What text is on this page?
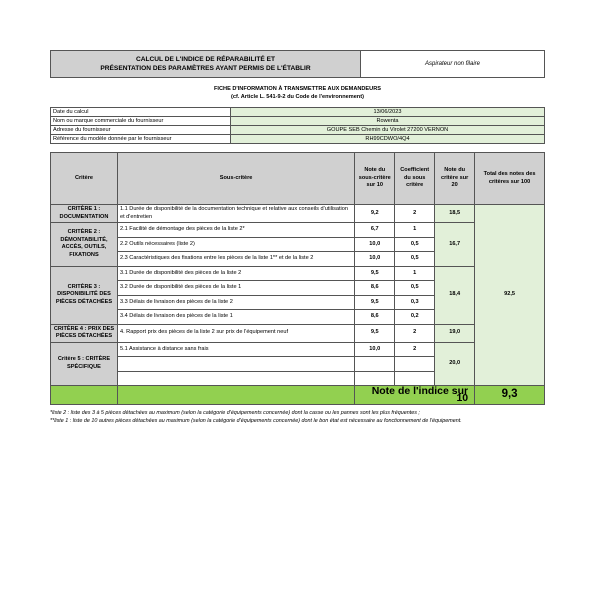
CALCUL DE L'INDICE DE RÉPARABILITÉ ET
PRÉSENTATION DES PARAMÈTRES AYANT PERMIS DE L'ÉTABLIR	Aspirateur non filaire
FICHE D'INFORMATION À TRANSMETTRE AUX DEMANDEURS
(cf. Article L. 541-9-2 du Code de l'environnement)
Date du calcul	13/06/2023
Nom ou marque commerciale du fournisseur	Rowenta
Adresse du fournisseur	GOUPE SEB Chemin du Virolet 27200 VERNON
Référence du modèle donnée par le fournisseur	RH99CDWO/4Q4
Critère	Sous-critère	Note du sous-critère sur 10	Coefficient du sous critère	Note du critère sur 20	Total des notes des critères sur 100
CRITÈRE 1 : DOCUMENTATION	1.1 Durée de disponibilité de la documentation technique et relative aux conseils d'utilisation et d'entretien	9,2	2	18,5	92,5
CRITÈRE 2 : DÉMONTABILITÉ, ACCÈS, OUTILS, FIXATIONS	2.1 Facilité de démontage des pièces de la liste 2*	6,7	1	16,7	
	2.2 Outils nécessaires (liste 2)	10,0	0,5		
	2.3 Caractéristiques des fixations entre les pièces de la liste 1** et de la liste 2	10,0	0,5		
CRITÈRE 3 : DISPONIBILITÉ DES PIÈCES DÉTACHÉES	3.1 Durée de disponibilité des pièces de la liste 2	9,5	1	18,4	
	3.2 Durée de disponibilité des pièces de la liste 1	8,6	0,5		
	3.3 Délais de livraison des pièces de la liste 2	9,5	0,3		
	3.4 Délais de livraison des pièces de la liste 1	8,6	0,2		
CRITÈRE 4 : PRIX DES PIÈCES DÉTACHÉES	4. Rapport prix des pièces de la liste 2 sur prix de l'équipement neuf	9,5	2	19,0	
Critère 5 : CRITÈRE SPÉCIFIQUE	5.1 Assistance à distance sans frais	10,0	2	20,0	

		Note de l'indice sur 10			9,3
*liste 2 : liste des 3 à 5 pièces détachées au maximum (selon la catégorie d'équipements concernée) dont la casse ou les pannes sont les plus fréquentes ;
**liste 1 : liste de 10 autres pièces détachées au maximum (selon la catégorie d'équipements concernée) dont le bon état est nécessaire au fonctionnement de l'équipement.
